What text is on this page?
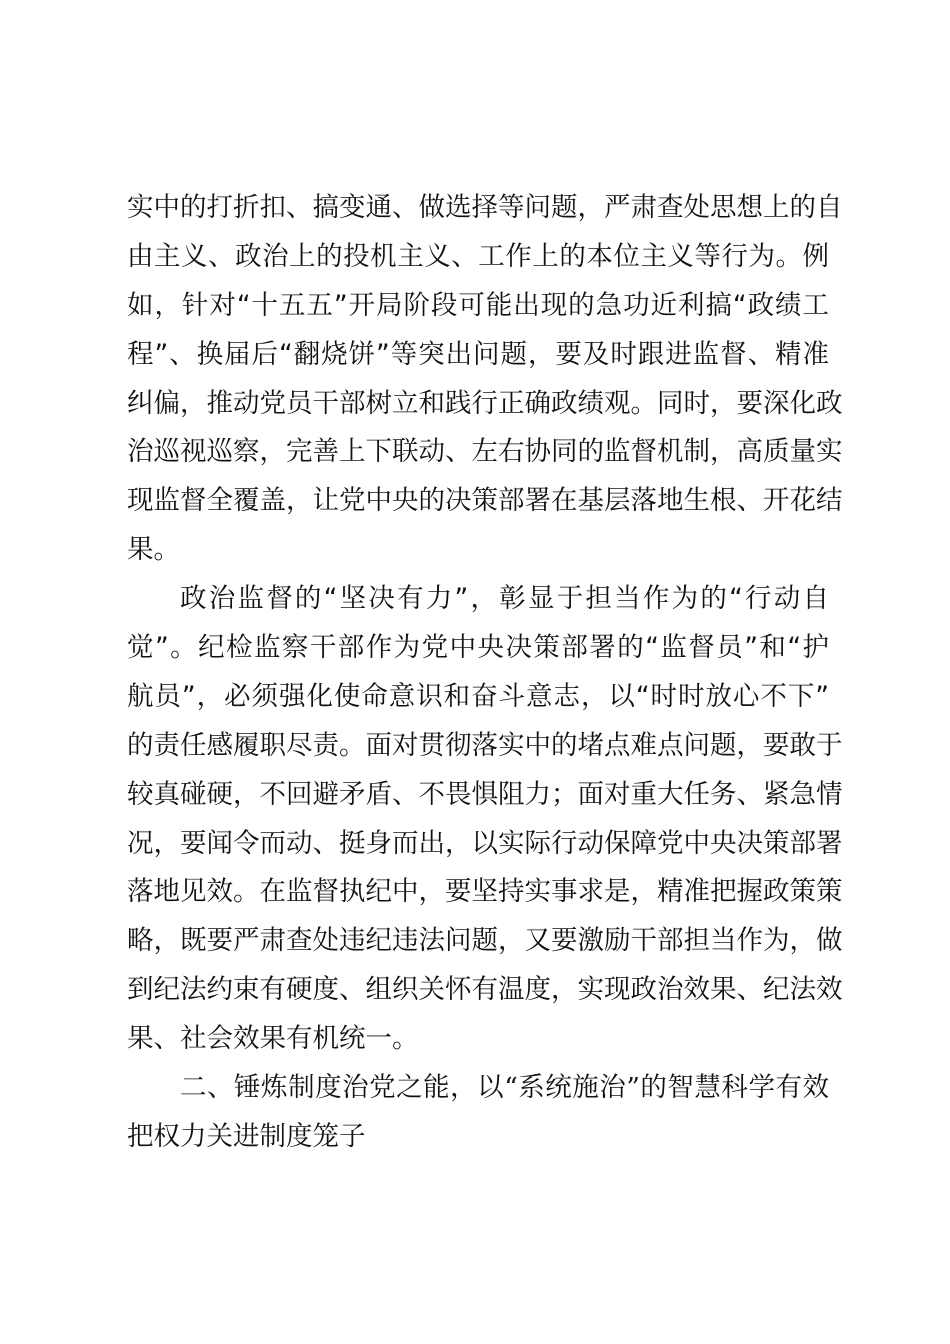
实中的打折扣、搞变通、做选择等问题，严肃查处思想上的自
由主义、政治上的投机主义、工作上的本位主义等行为。例
如，针对“十五五”开局阶段可能出现的急功近利搞“政绩工
程”、换届后“翻烧饼”等突出问题，要及时跟进监督、精准
纠偏，推动党员干部树立和践行正确政绩观。同时，要深化政
治巡视巡察，完善上下联动、左右协同的监督机制，高质量实
现监督全覆盖，让党中央的决策部署在基层落地生根、开花结
果。
政治监督的“坚决有力”，彰显于担当作为的“行动自
觉”。纪检监察干部作为党中央决策部署的“监督员”和“护
航员”，必须强化使命意识和奋斗意志，以“时时放心不下”
的责任感履职尽责。面对贯彻落实中的堵点难点问题，要敢于
较真碰硬，不回避矛盾、不畏惧阻力；面对重大任务、紧急情
况，要闻令而动、挺身而出，以实际行动保障党中央决策部署
落地见效。在监督执纪中，要坚持实事求是，精准把握政策策
略，既要严肃查处违纪违法问题，又要激励干部担当作为，做
到纪法约束有硬度、组织关怀有温度，实现政治效果、纪法效
果、社会效果有机统一。
二、锤炼制度治党之能，以“系统施治”的智慧科学有效
把权力关进制度笼子
